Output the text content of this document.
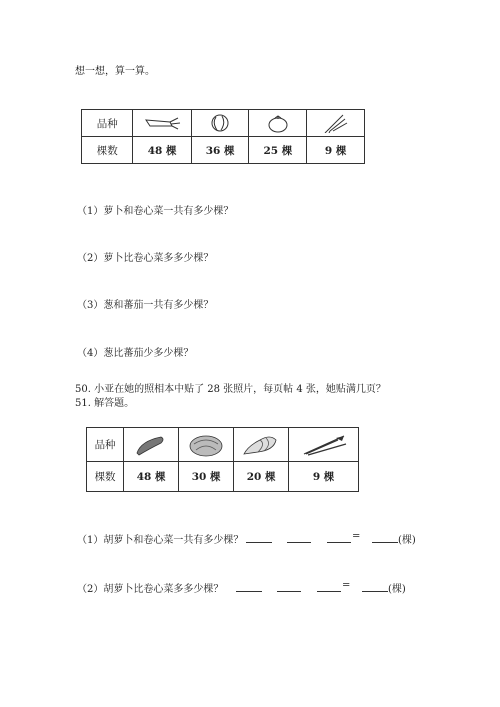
想一想，算一算。
品种	

棵数	48 棵	36 棵	25 棵	9 棵
（1）萝卜和卷心菜一共有多少棵？
（2）萝卜比卷心菜多多少棵？
（3）葱和蕃茄一共有多少棵？
（4）葱比蕃茄少多少棵？
50. 小亚在她的照相本中贴了 28 张照片，每页帖 4 张，她贴满几页？
51. 解答题。
品种	

棵数	48 棵	30 棵	20 棵	9 棵
（1）胡萝卜和卷心菜一共有多少棵？	=	(棵)
（2）胡萝卜比卷心菜多多少棵？	=	(棵)
